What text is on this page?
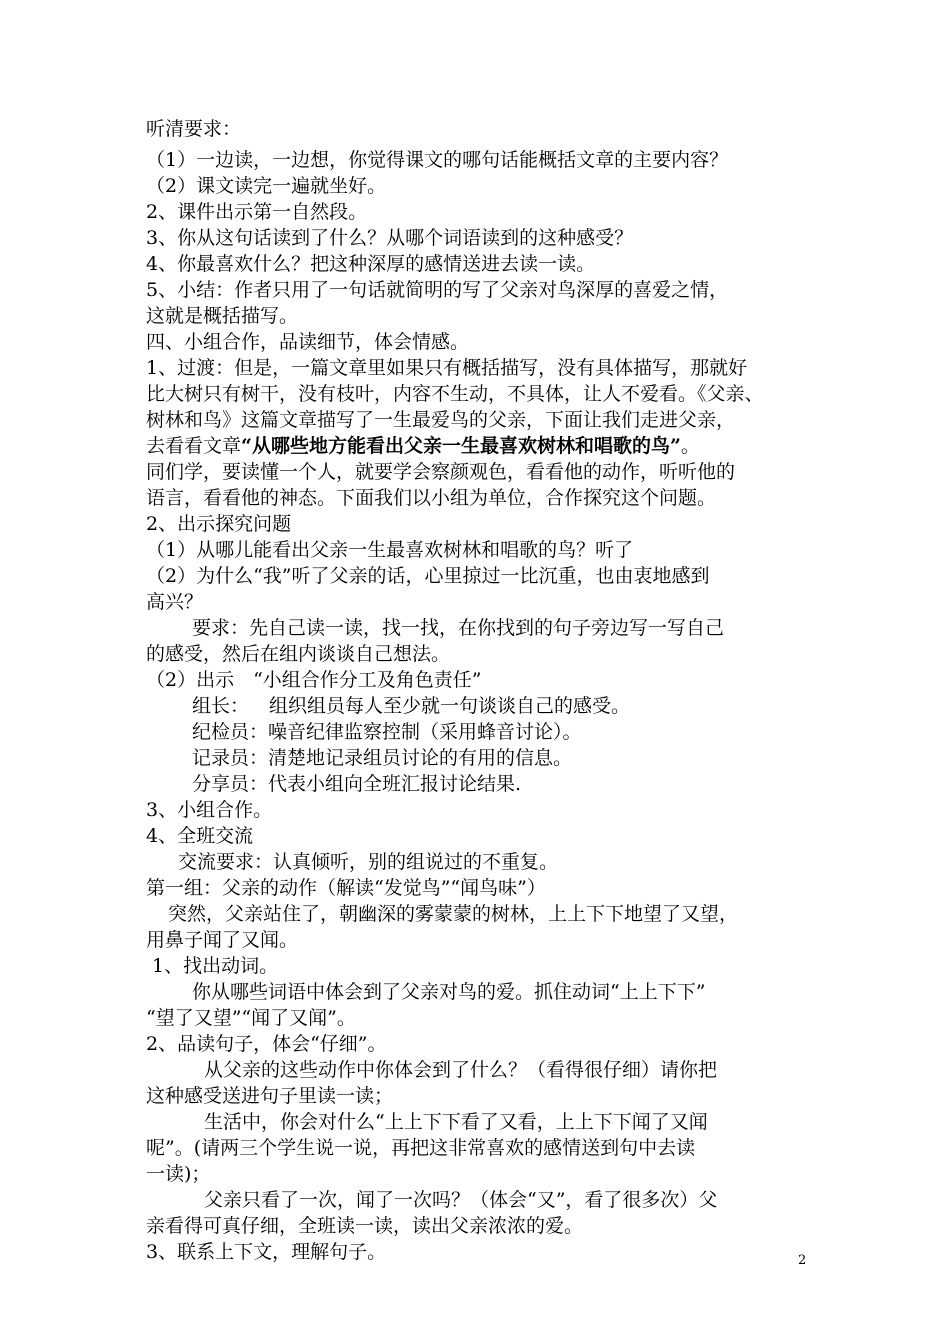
听清要求：
（1）一边读，一边想，你觉得课文的哪句话能概括文章的主要内容？
（2）课文读完一遍就坐好。
2、课件出示第一自然段。
3、你从这句话读到了什么？从哪个词语读到的这种感受？
4、你最喜欢什么？把这种深厚的感情送进去读一读。
5、小结：作者只用了一句话就简明的写了父亲对鸟深厚的喜爱之情，
这就是概括描写。
四、小组合作，品读细节，体会情感。
1、过渡：但是，一篇文章里如果只有概括描写，没有具体描写，那就好
比大树只有树干，没有枝叶，内容不生动，不具体，让人不爱看。《父亲、
树林和鸟》这篇文章描写了一生最爱鸟的父亲，下面让我们走进父亲，
去看看文章“从哪些地方能看出父亲一生最喜欢树林和唱歌的鸟”。
同们学，要读懂一个人，就要学会察颜观色，看看他的动作，听听他的
语言，看看他的神态。下面我们以小组为单位，合作探究这个问题。
2、出示探究问题
（1）从哪儿能看出父亲一生最喜欢树林和唱歌的鸟？听了
（2）为什么“我”听了父亲的话，心里掠过一比沉重，也由衷地感到
高兴？
要求：先自己读一读，找一找，在你找到的句子旁边写一写自己
的感受，然后在组内谈谈自己想法。
（2）出示　“小组合作分工及角色责任”
组长： 组织组员每人至少就一句谈谈自己的感受。
纪检员：噪音纪律监察控制（采用蜂音讨论）。
记录员：清楚地记录组员讨论的有用的信息。
分享员：代表小组向全班汇报讨论结果.
3、小组合作。
4、全班交流
交流要求：认真倾听，别的组说过的不重复。
第一组：父亲的动作（解读“发觉鸟”“闻鸟味”）
突然，父亲站住了，朝幽深的雾蒙蒙的树林，上上下下地望了又望，
用鼻子闻了又闻。
1、找出动词。
你从哪些词语中体会到了父亲对鸟的爱。抓住动词“上上下下”
“望了又望”“闻了又闻”。
2、品读句子，体会“仔细”。
从父亲的这些动作中你体会到了什么？（看得很仔细）请你把
这种感受送进句子里读一读；
生活中，你会对什么“上上下下看了又看，上上下下闻了又闻
呢”。(请两三个学生说一说，再把这非常喜欢的感情送到句中去读
一读)；
父亲只看了一次，闻了一次吗？（体会“又”，看了很多次）父
亲看得可真仔细，全班读一读，读出父亲浓浓的爱。
3、联系上下文，理解句子。	2
